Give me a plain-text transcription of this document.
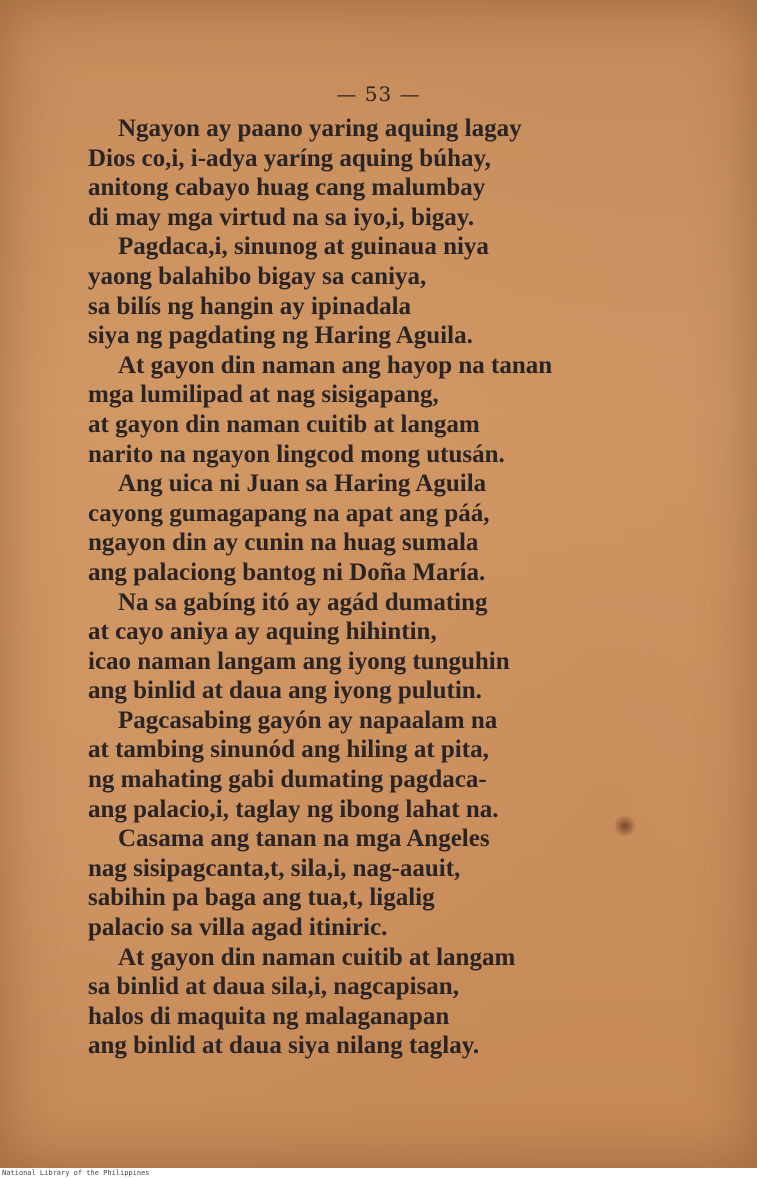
— 53 —
Ngayon ay paano yaring aquing lagay
Dios co,i, i-adya yaríng aquing búhay,
anitong cabayo huag cang malumbay
di may mga virtud na sa iyo,i, bigay.
Pagdaca,i, sinunog at guinaua niya
yaong balahibo bigay sa caniya,
sa bilís ng hangin ay ipinadala
siya ng pagdating ng Haring Aguila.
At gayon din naman ang hayop na tanan
mga lumilipad at nag sisigapang,
at gayon din naman cuitib at langam
narito na ngayon lingcod mong utusán.
Ang uica ni Juan sa Haring Aguila
cayong gumagapang na apat ang páá,
ngayon din ay cunin na huag sumala
ang palaciong bantog ni Doña María.
Na sa gabíng itó ay agád dumating
at cayo aniya ay aquing hihintin,
icao naman langam ang iyong tunguhin
ang binlid at daua ang iyong pulutin.
Pagcasabing gayón ay napaalam na
at tambing sinunód ang hiling at pita,
ng mahating gabi dumating pagdaca-
ang palacio,i, taglay ng ibong lahat na.
Casama ang tanan na mga Angeles
nag sisipagcanta,t, sila,i, nag-aauit,
sabihin pa baga ang tua,t, ligalig
palacio sa villa agad itiniric.
At gayon din naman cuitib at langam
sa binlid at daua sila,i, nagcapisan,
halos di maquita ng malaganapan
ang binlid at daua siya nilang taglay.
National Library of the Philippines
